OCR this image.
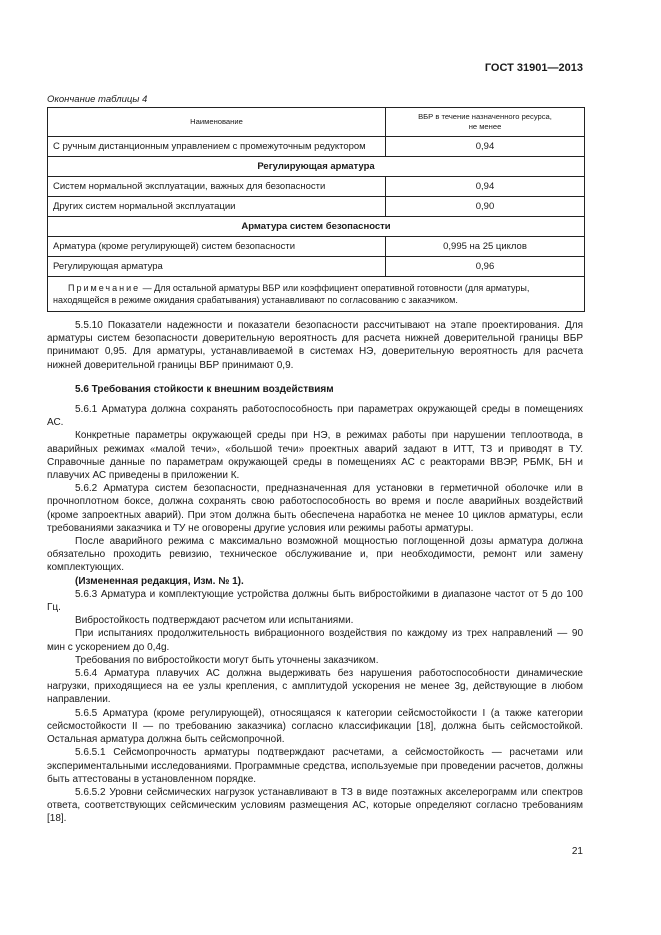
ГОСТ 31901—2013
Окончание таблицы 4
Наименование	ВБР в течение назначенного ресурса,
не менее
С ручным дистанционным управлением с промежуточным редуктором	0,94
Регулирующая арматура	
Систем нормальной эксплуатации, важных для безопасности	0,94
Других систем нормальной эксплуатации	0,90
Арматура систем безопасности	
Арматура (кроме регулирующей) систем безопасности	0,995 на 25 циклов
Регулирующая арматура	0,96
Примечание — Для остальной арматуры ВБР или коэффициент оперативной готовности (для арматуры, находящейся в режиме ожидания срабатывания) устанавливают по согласованию с заказчиком.	

5.5.10 Показатели надежности и показатели безопасности рассчитывают на этапе проектирования. Для арматуры систем безопасности доверительную вероятность для расчета нижней доверительной границы ВБР принимают 0,95. Для арматуры, устанавливаемой в системах НЭ, доверительную вероятность для расчета нижней доверительной границы ВБР принимают 0,9.

5.6 Требования стойкости к внешним воздействиям

5.6.1 Арматура должна сохранять работоспособность при параметрах окружающей среды в помещениях АС.

Конкретные параметры окружающей среды при НЭ, в режимах работы при нарушении теплоотвода, в аварийных режимах «малой течи», «большой течи» проектных аварий задают в ИТТ, ТЗ и приводят в ТУ. Справочные данные по параметрам окружающей среды в помещениях АС с реакторами ВВЭР, РБМК, БН и плавучих АС приведены в приложении К.

5.6.2 Арматура систем безопасности, предназначенная для установки в герметичной оболочке или в прочноплотном боксе, должна сохранять свою работоспособность во время и после аварийных воздействий (кроме запроектных аварий). При этом должна быть обеспечена наработка не менее 10 циклов арматуры, если требованиями заказчика и ТУ не оговорены другие условия или режимы работы арматуры.

После аварийного режима с максимально возможной мощностью поглощенной дозы арматура должна обязательно проходить ревизию, техническое обслуживание и, при необходимости, ремонт или замену комплектующих.

(Измененная редакция, Изм. № 1).

5.6.3 Арматура и комплектующие устройства должны быть вибростойкими в диапазоне частот от 5 до 100 Гц.

Вибростойкость подтверждают расчетом или испытаниями.

При испытаниях продолжительность вибрационного воздействия по каждому из трех направлений — 90 мин с ускорением до 0,4g.

Требования по вибростойкости могут быть уточнены заказчиком.

5.6.4 Арматура плавучих АС должна выдерживать без нарушения работоспособности динамические нагрузки, приходящиеся на ее узлы крепления, с амплитудой ускорения не менее 3g, действующие в любом направлении.

5.6.5 Арматура (кроме регулирующей), относящаяся к категории сейсмостойкости I (а также категории сейсмостойкости II — по требованию заказчика) согласно классификации [18], должна быть сейсмостойкой. Остальная арматура должна быть сейсмопрочной.

5.6.5.1 Сейсмопрочность арматуры подтверждают расчетами, а сейсмостойкость — расчетами или экспериментальными исследованиями. Программные средства, используемые при проведении расчетов, должны быть аттестованы в установленном порядке.

5.6.5.2 Уровни сейсмических нагрузок устанавливают в ТЗ в виде поэтажных акселерограмм или спектров ответа, соответствующих сейсмическим условиям размещения АС, которые определяют согласно требованиям [18].

21
